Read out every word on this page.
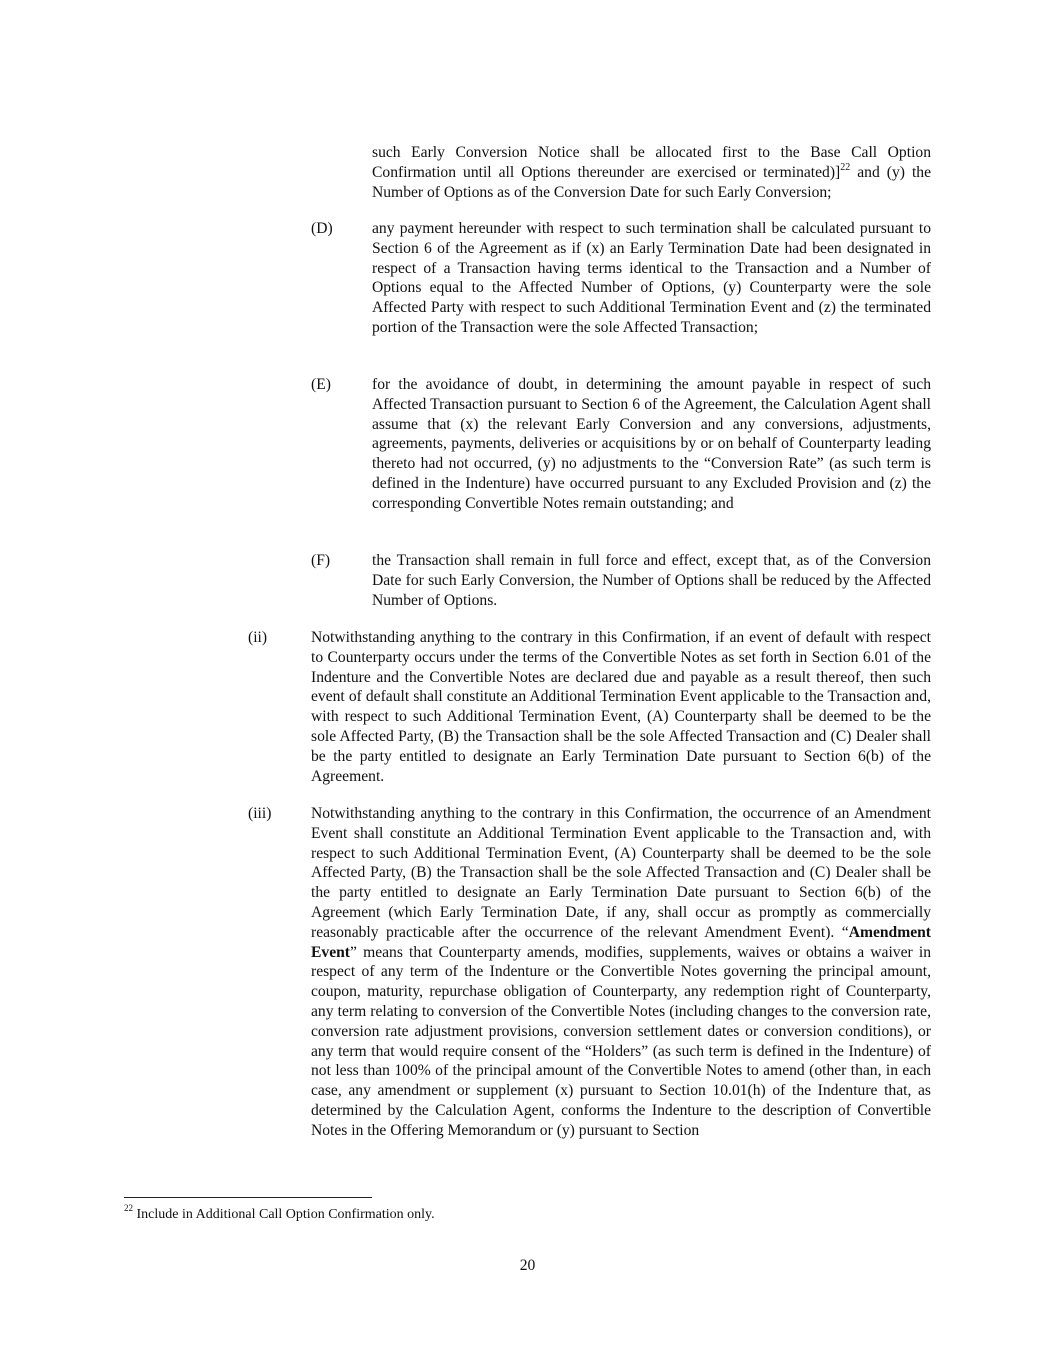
such Early Conversion Notice shall be allocated first to the Base Call Option Confirmation until all Options thereunder are exercised or terminated)]$^{22}$ and (y) the Number of Options as of the Conversion Date for such Early Conversion;
(D)	any payment hereunder with respect to such termination shall be calculated pursuant to Section 6 of the Agreement as if (x) an Early Termination Date had been designated in respect of a Transaction having terms identical to the Transaction and a Number of Options equal to the Affected Number of Options, (y) Counterparty were the sole Affected Party with respect to such Additional Termination Event and (z) the terminated portion of the Transaction were the sole Affected Transaction;
(E)	for the avoidance of doubt, in determining the amount payable in respect of such Affected Transaction pursuant to Section 6 of the Agreement, the Calculation Agent shall assume that (x) the relevant Early Conversion and any conversions, adjustments, agreements, payments, deliveries or acquisitions by or on behalf of Counterparty leading thereto had not occurred, (y) no adjustments to the “Conversion Rate” (as such term is defined in the Indenture) have occurred pursuant to any Excluded Provision and (z) the corresponding Convertible Notes remain outstanding; and
(F)	the Transaction shall remain in full force and effect, except that, as of the Conversion Date for such Early Conversion, the Number of Options shall be reduced by the Affected Number of Options.
(ii)	Notwithstanding anything to the contrary in this Confirmation, if an event of default with respect to Counterparty occurs under the terms of the Convertible Notes as set forth in Section 6.01 of the Indenture and the Convertible Notes are declared due and payable as a result thereof, then such event of default shall constitute an Additional Termination Event applicable to the Transaction and, with respect to such Additional Termination Event, (A) Counterparty shall be deemed to be the sole Affected Party, (B) the Transaction shall be the sole Affected Transaction and (C) Dealer shall be the party entitled to designate an Early Termination Date pursuant to Section 6(b) of the Agreement.
(iii)	Notwithstanding anything to the contrary in this Confirmation, the occurrence of an Amendment Event shall constitute an Additional Termination Event applicable to the Transaction and, with respect to such Additional Termination Event, (A) Counterparty shall be deemed to be the sole Affected Party, (B) the Transaction shall be the sole Affected Transaction and (C) Dealer shall be the party entitled to designate an Early Termination Date pursuant to Section 6(b) of the Agreement (which Early Termination Date, if any, shall occur as promptly as commercially reasonably practicable after the occurrence of the relevant Amendment Event). “Amendment Event” means that Counterparty amends, modifies, supplements, waives or obtains a waiver in respect of any term of the Indenture or the Convertible Notes governing the principal amount, coupon, maturity, repurchase obligation of Counterparty, any redemption right of Counterparty, any term relating to conversion of the Convertible Notes (including changes to the conversion rate, conversion rate adjustment provisions, conversion settlement dates or conversion conditions), or any term that would require consent of the “Holders” (as such term is defined in the Indenture) of not less than 100% of the principal amount of the Convertible Notes to amend (other than, in each case, any amendment or supplement (x) pursuant to Section 10.01(h) of the Indenture that, as determined by the Calculation Agent, conforms the Indenture to the description of Convertible Notes in the Offering Memorandum or (y) pursuant to Section
$^{22}$ Include in Additional Call Option Confirmation only.
20
